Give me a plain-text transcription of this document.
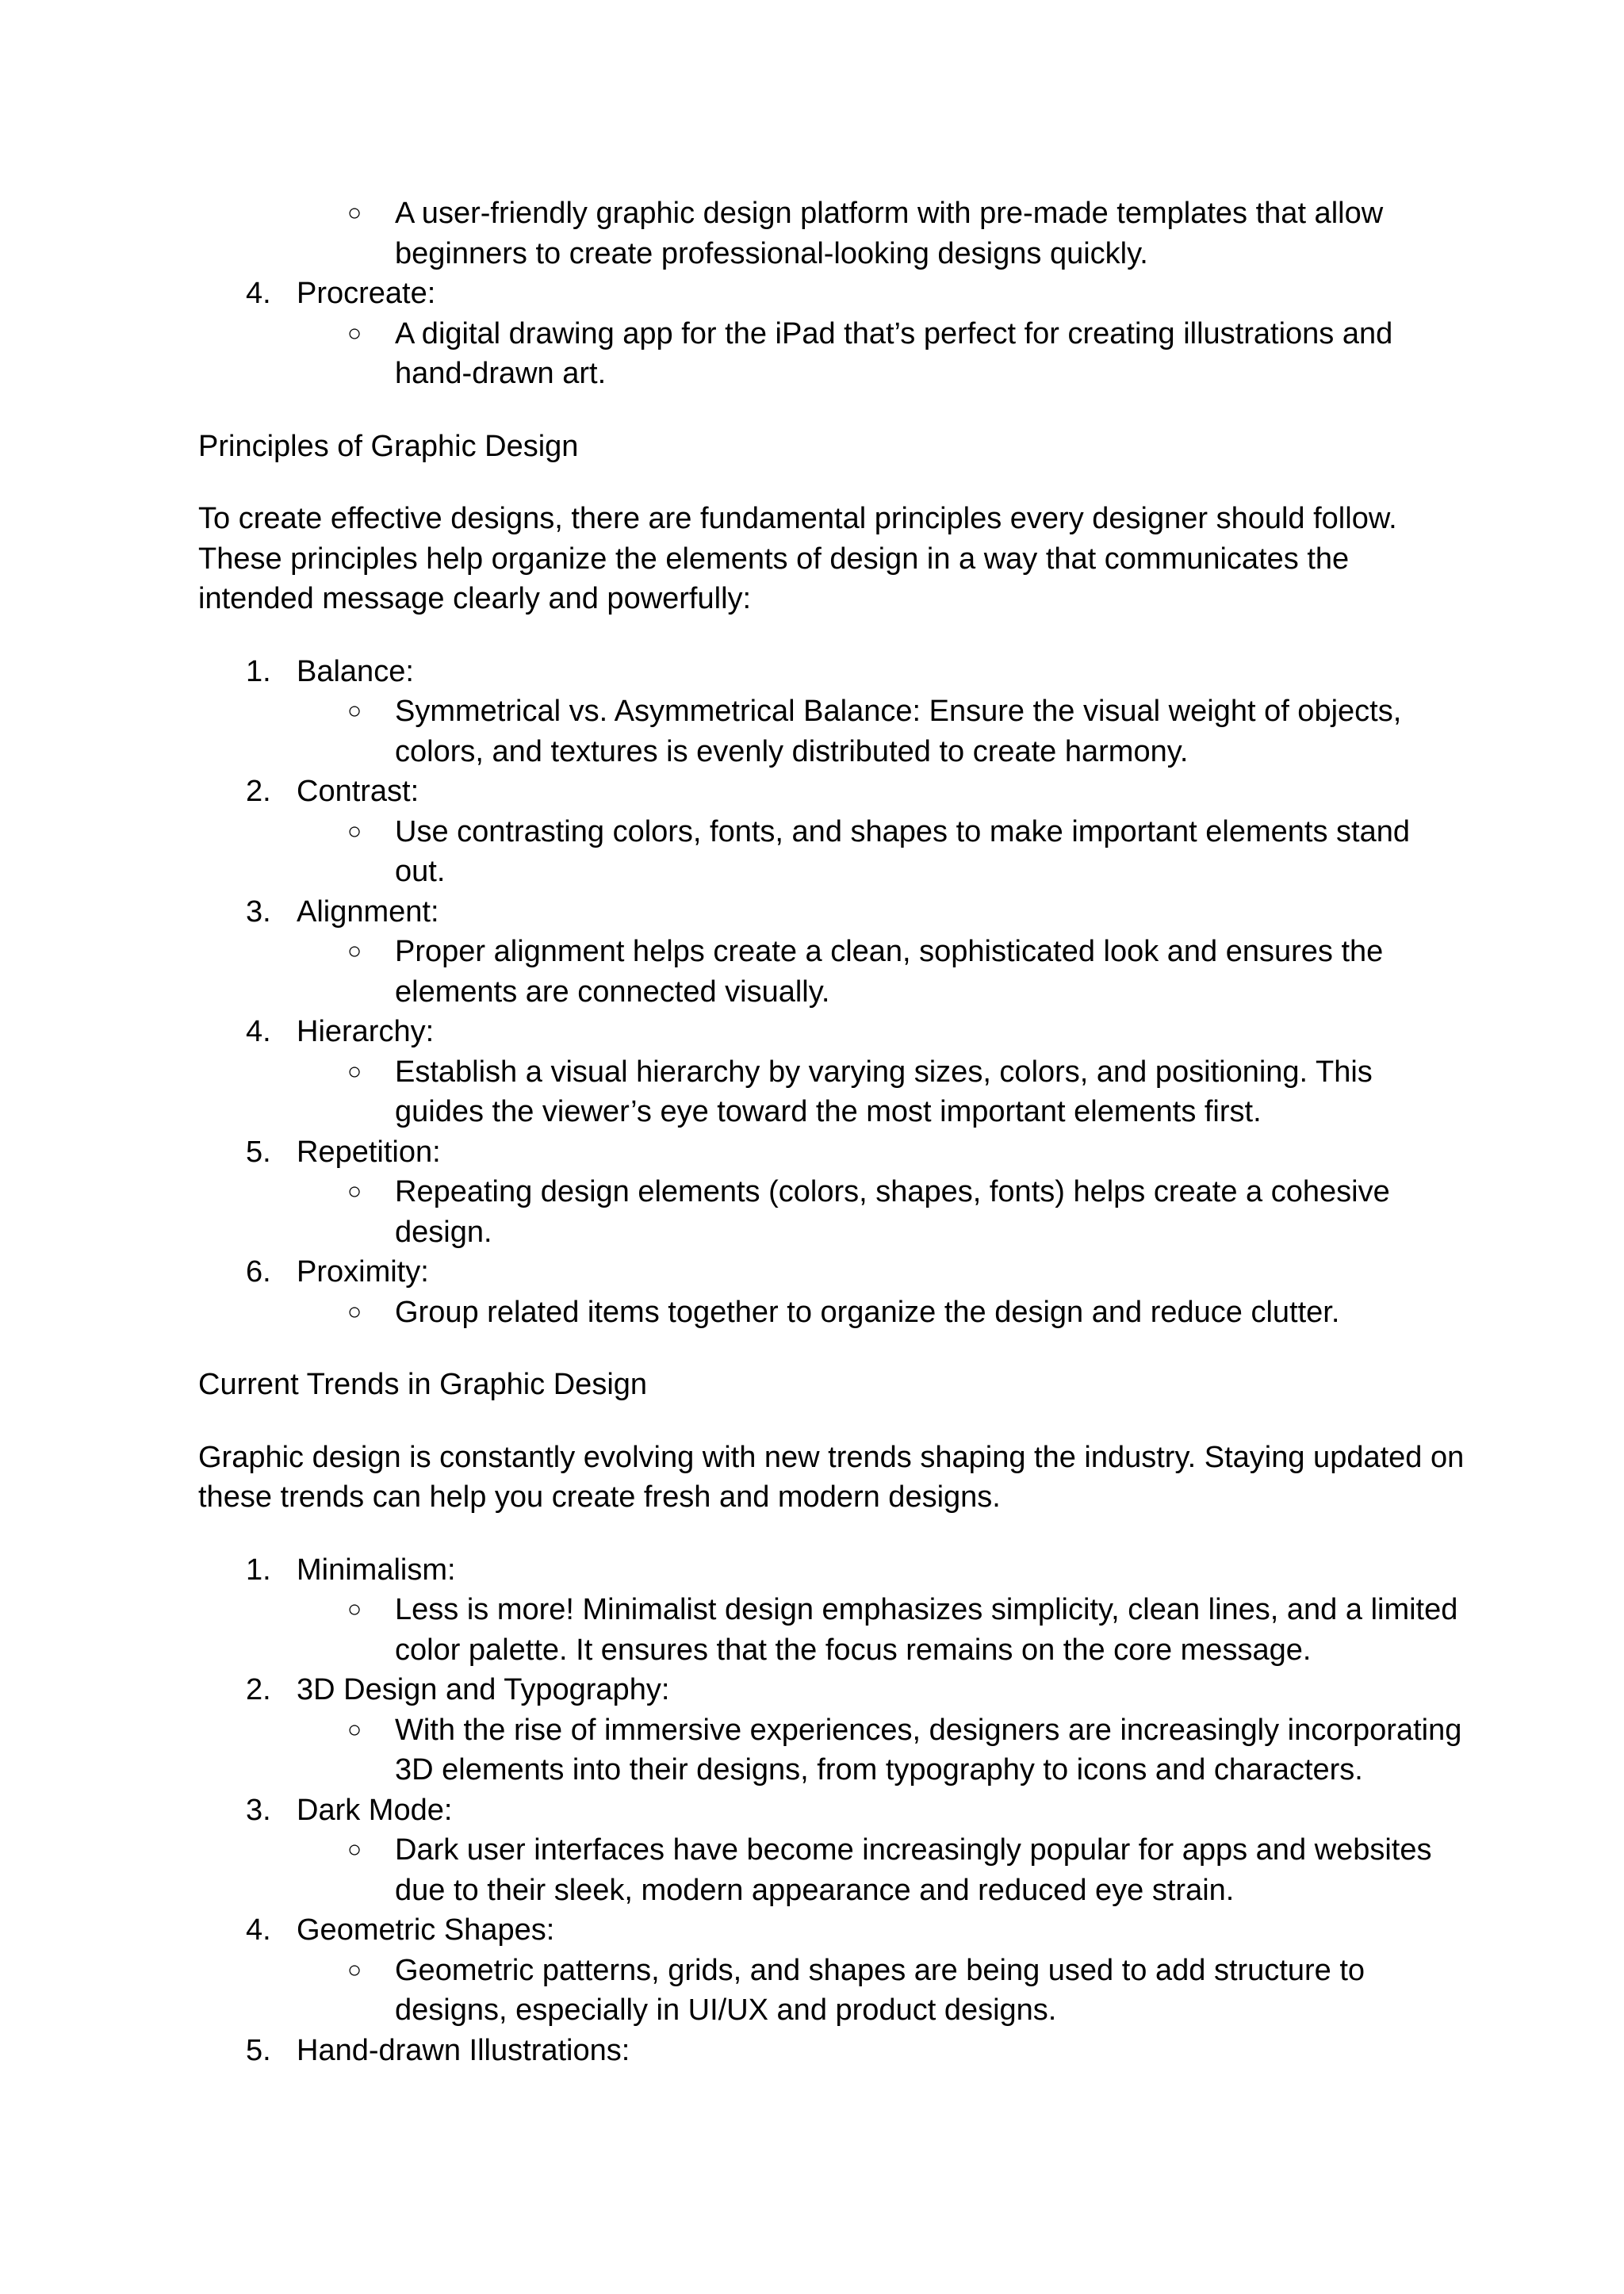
○	A user-friendly graphic design platform with pre-made templates that allow beginners to create professional-looking designs quickly.
4. Procreate:
○	A digital drawing app for the iPad that’s perfect for creating illustrations and hand-drawn art.

Principles of Graphic Design

To create effective designs, there are fundamental principles every designer should follow. These principles help organize the elements of design in a way that communicates the intended message clearly and powerfully:

1. Balance:
○	Symmetrical vs. Asymmetrical Balance: Ensure the visual weight of objects, colors, and textures is evenly distributed to create harmony.
2. Contrast:
○	Use contrasting colors, fonts, and shapes to make important elements stand out.
3. Alignment:
○	Proper alignment helps create a clean, sophisticated look and ensures the elements are connected visually.
4. Hierarchy:
○	Establish a visual hierarchy by varying sizes, colors, and positioning. This guides the viewer’s eye toward the most important elements first.
5. Repetition:
○	Repeating design elements (colors, shapes, fonts) helps create a cohesive design.
6. Proximity:
○	Group related items together to organize the design and reduce clutter.

Current Trends in Graphic Design

Graphic design is constantly evolving with new trends shaping the industry. Staying updated on these trends can help you create fresh and modern designs.

1. Minimalism:
○	Less is more! Minimalist design emphasizes simplicity, clean lines, and a limited color palette. It ensures that the focus remains on the core message.
2. 3D Design and Typography:
○	With the rise of immersive experiences, designers are increasingly incorporating 3D elements into their designs, from typography to icons and characters.
3. Dark Mode:
○	Dark user interfaces have become increasingly popular for apps and websites due to their sleek, modern appearance and reduced eye strain.
4. Geometric Shapes:
○	Geometric patterns, grids, and shapes are being used to add structure to designs, especially in UI/UX and product designs.
5. Hand-drawn Illustrations:
